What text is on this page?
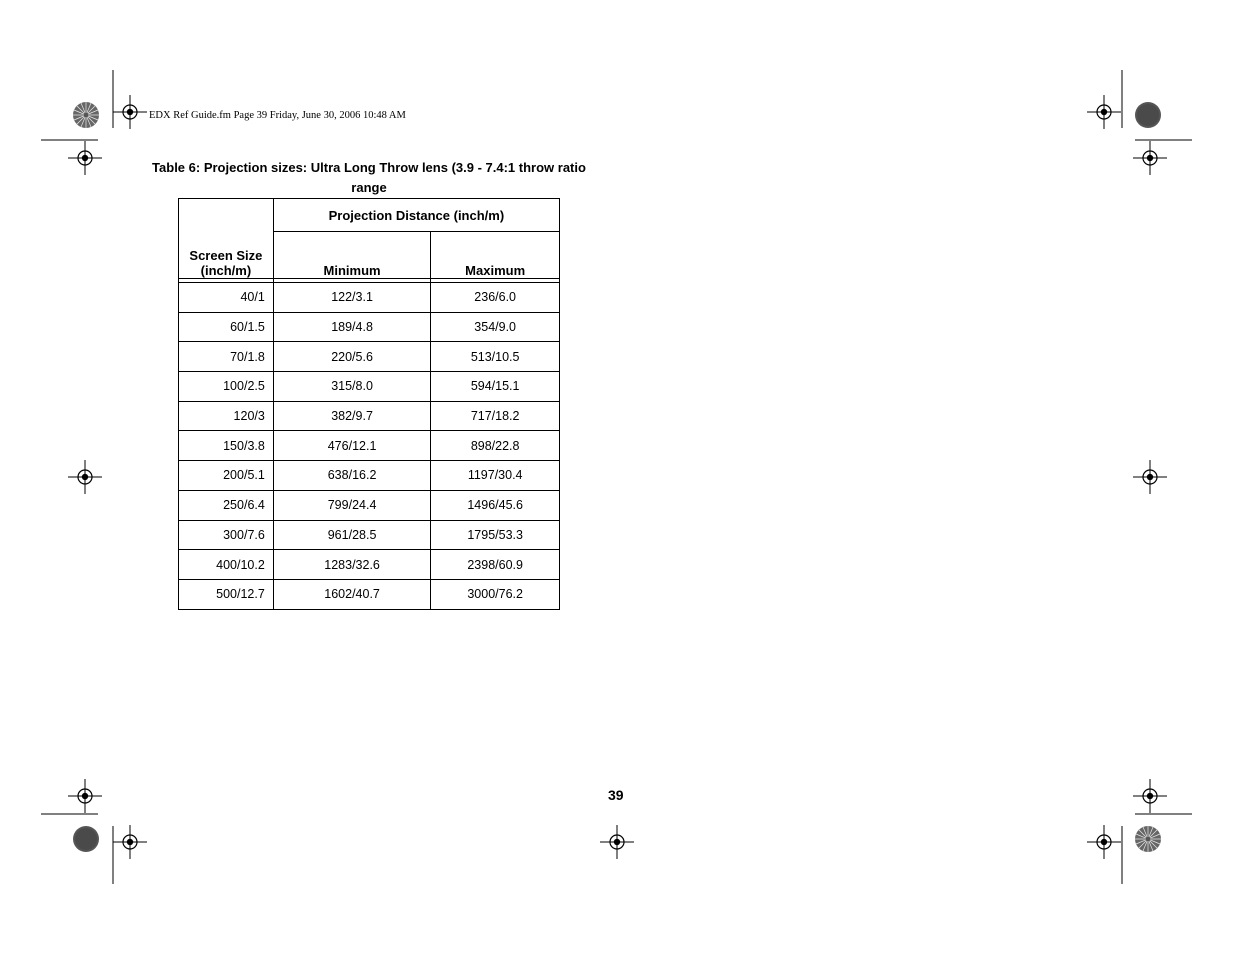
EDX Ref Guide.fm Page 39 Friday, June 30, 2006 10:48 AM
Table 6: Projection sizes: Ultra Long Throw lens (3.9 - 7.4:1 throw ratio
range
	Projection Distance (inch/m)	
Screen Size (inch/m)	Minimum	Maximum

40/1	122/3.1	236/6.0
60/1.5	189/4.8	354/9.0
70/1.8	220/5.6	513/10.5
100/2.5	315/8.0	594/15.1
120/3	382/9.7	717/18.2
150/3.8	476/12.1	898/22.8
200/5.1	638/16.2	1197/30.4
250/6.4	799/24.4	1496/45.6
300/7.6	961/28.5	1795/53.3
400/10.2	1283/32.6	2398/60.9
500/12.7	1602/40.7	3000/76.2
39
